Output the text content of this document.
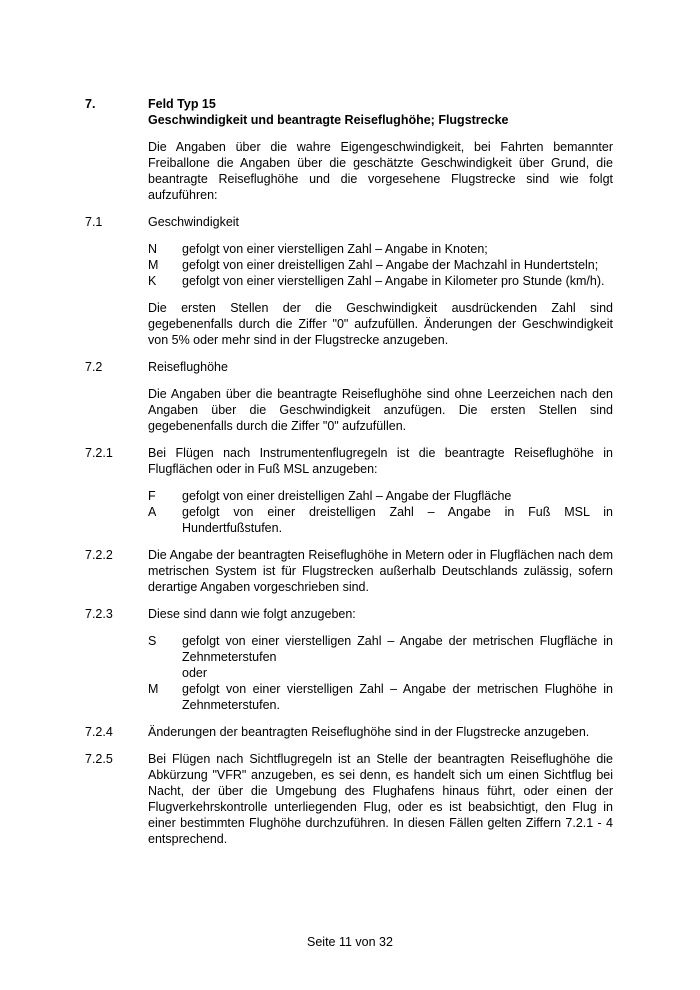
7.	Feld Typ 15
Geschwindigkeit und beantragte Reiseflughöhe; Flugstrecke
Die Angaben über die wahre Eigengeschwindigkeit, bei Fahrten bemannter Freiballone die Angaben über die geschätzte Geschwindigkeit über Grund, die beantragte Reiseflughöhe und die vorgesehene Flugstrecke sind wie folgt aufzuführen:
7.1	Geschwindigkeit
N	gefolgt von einer vierstelligen Zahl – Angabe in Knoten;
M	gefolgt von einer dreistelligen Zahl – Angabe der Machzahl in Hundertsteln;
K	gefolgt von einer vierstelligen Zahl – Angabe in Kilometer pro Stunde (km/h).
Die ersten Stellen der die Geschwindigkeit ausdrückenden Zahl sind gegebenenfalls durch die Ziffer "0" aufzufüllen. Änderungen der Geschwindigkeit von 5% oder mehr sind in der Flugstrecke anzugeben.
7.2	Reiseflughöhe
Die Angaben über die beantragte Reiseflughöhe sind ohne Leerzeichen nach den Angaben über die Geschwindigkeit anzufügen. Die ersten Stellen sind gegebenenfalls durch die Ziffer "0" aufzufüllen.
7.2.1	Bei Flügen nach Instrumentenflugregeln ist die beantragte Reiseflughöhe in Flugflächen oder in Fuß MSL anzugeben:
F	gefolgt von einer dreistelligen Zahl – Angabe der Flugfläche
A	gefolgt von einer dreistelligen Zahl – Angabe in Fuß MSL in Hundertfußstufen.
7.2.2	Die Angabe der beantragten Reiseflughöhe in Metern oder in Flugflächen nach dem metrischen System ist für Flugstrecken außerhalb Deutschlands zulässig, sofern derartige Angaben vorgeschrieben sind.
7.2.3	Diese sind dann wie folgt anzugeben:
S	gefolgt von einer vierstelligen Zahl – Angabe der metrischen Flugfläche in Zehnmeterstufen
oder
M	gefolgt von einer vierstelligen Zahl – Angabe der metrischen Flughöhe in Zehnmeterstufen.
7.2.4	Änderungen der beantragten Reiseflughöhe sind in der Flugstrecke anzugeben.
7.2.5	Bei Flügen nach Sichtflugregeln ist an Stelle der beantragten Reiseflughöhe die Abkürzung "VFR" anzugeben, es sei denn, es handelt sich um einen Sichtflug bei Nacht, der über die Umgebung des Flughafens hinaus führt, oder einen der Flugverkehrskontrolle unterliegenden Flug, oder es ist beabsichtigt, den Flug in einer bestimmten Flughöhe durchzuführen. In diesen Fällen gelten Ziffern 7.2.1 - 4 entsprechend.
Seite 11 von 32
